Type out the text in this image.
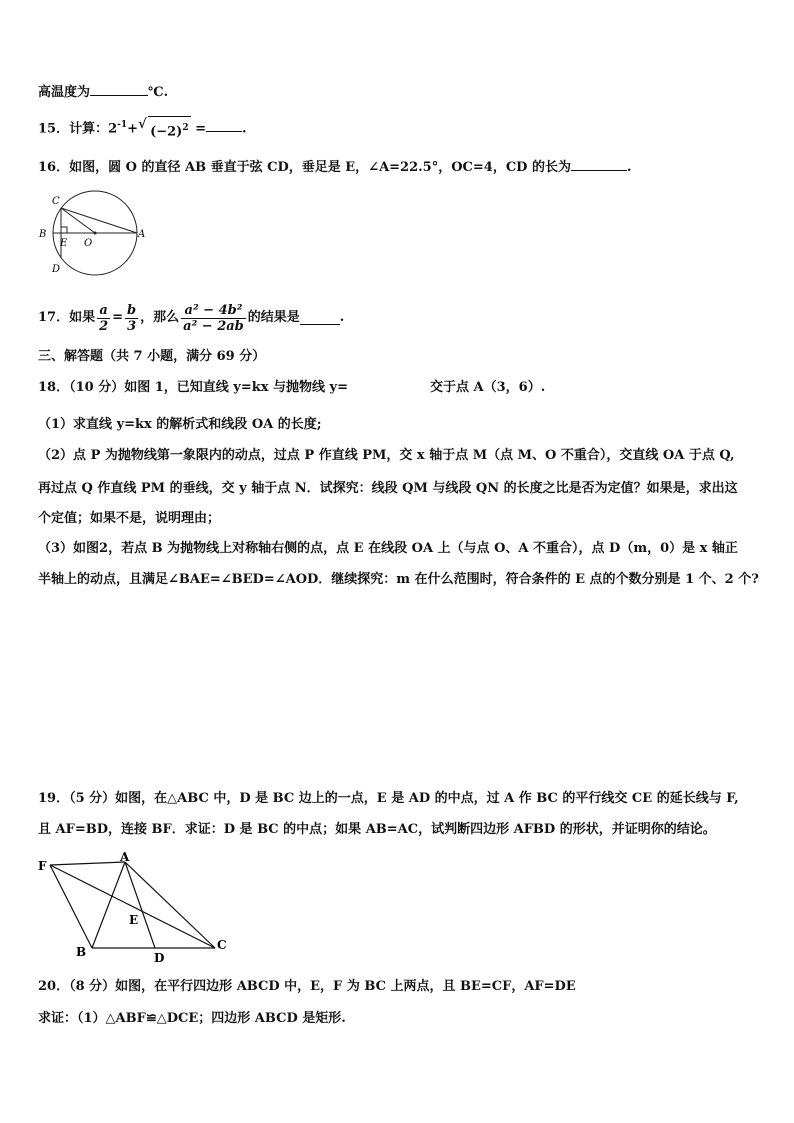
高温度为	℃.
15．计算：$2^{-1}+$ √ $(-2)^2$ =	.
16．如图，圆 O 的直径 AB 垂直于弦 CD，垂足是 E，∠A=22.5°，OC=4，CD 的长为	.
C
B
E O
A
D
17．如果 $\frac{a}{2} = \frac{b}{3}$ ，那么 $\frac{\text{a² − 4b²}}{\text{a² − 2ab}}$ 的结果是	.
三、解答题（共 7 小题，满分 69 分）
18．（10 分）如图 1，已知直线 y=kx 与抛物线 y=	交于点 A（3，6）.
（1）求直线 y=kx 的解析式和线段 OA 的长度;
（2）点 P 为抛物线第一象限内的动点，过点 P 作直线 PM，交 x 轴于点 M（点 M、O 不重合），交直线 OA 于点 Q,
再过点 Q 作直线 PM 的垂线，交 y 轴于点 N．试探究：线段 QM 与线段 QN 的长度之比是否为定值？如果是，求出这
个定值；如果不是，说明理由；
（3）如图2，若点 B 为抛物线上对称轴右侧的点，点 E 在线段 OA 上（与点 O、A 不重合），点 D（m，0）是 x 轴正
半轴上的动点，且满足∠BAE=∠BED=∠AOD．继续探究：m 在什么范围时，符合条件的 E 点的个数分别是 1 个、2 个?
19．（5 分）如图，在△ABC 中，D 是 BC 边上的一点，E 是 AD 的中点，过 A 作 BC 的平行线交 CE 的延长线与 F,
且 AF=BD，连接 BF．求证：D 是 BC 的中点；如果 AB=AC，试判断四边形 AFBD 的形状，并证明你的结论。
F
A
E
B	D
C
20．（8 分）如图，在平行四边形 ABCD 中，E，F 为 BC 上两点，且 BE=CF，AF=DE
求证：（1）△ABF≌△DCE；四边形 ABCD 是矩形.
